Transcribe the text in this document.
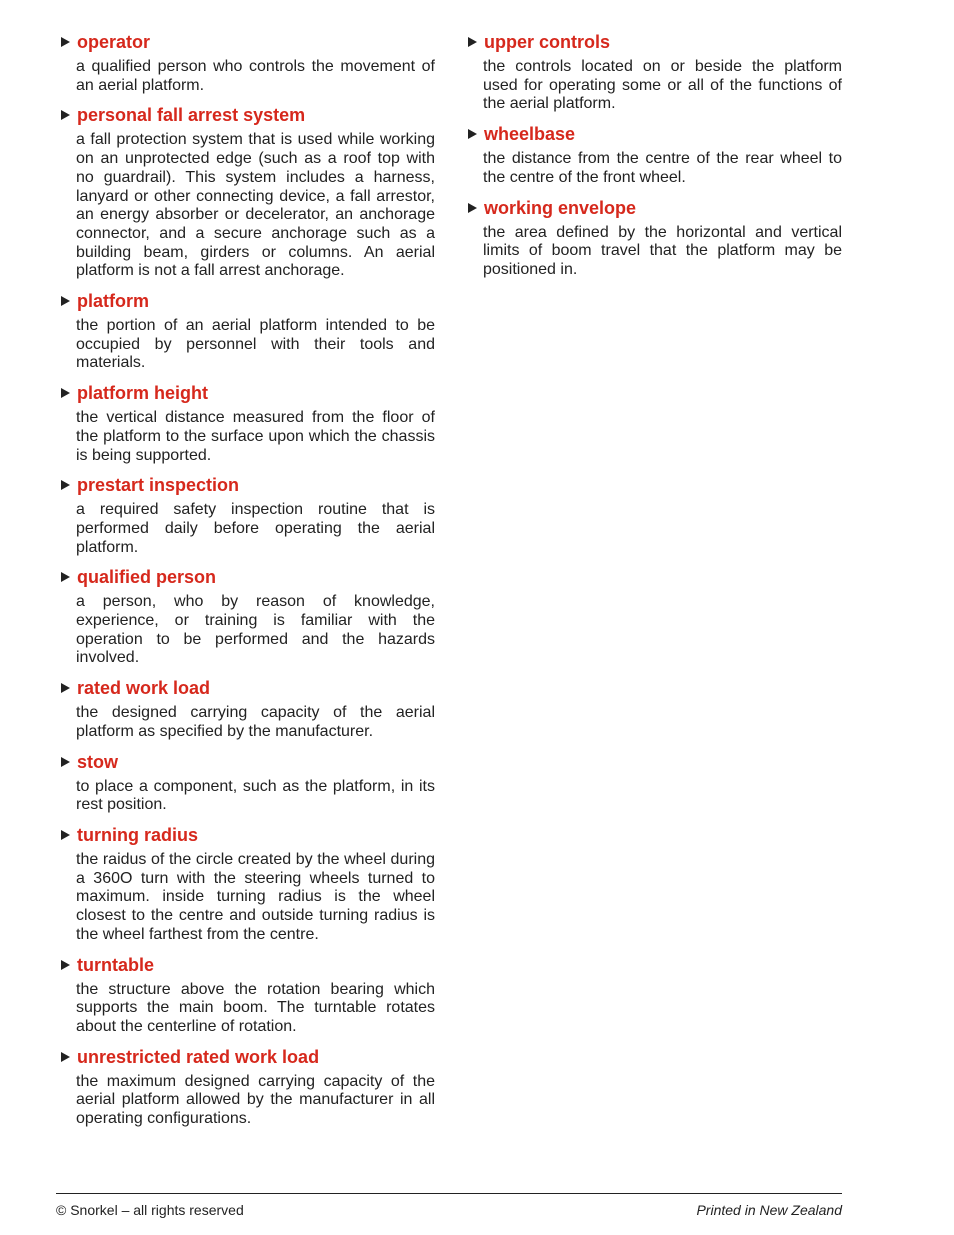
operator
a qualified person who controls the movement of an aerial platform.
personal fall arrest system
a fall protection system that is used while working on an unprotected edge (such as a roof top with no guardrail). This system includes a harness, lanyard or other connecting device, a fall arrestor, an energy absorber or decelerator, an anchorage connector, and a secure anchorage such as a building beam, girders or columns. An aerial platform is not a fall arrest anchorage.
platform
the portion of an aerial platform intended to be occupied by personnel with their tools and materials.
platform height
the vertical distance measured from the floor of the platform to the surface upon which the chassis is being supported.
prestart inspection
a required safety inspection routine that is performed daily before operating the aerial platform.
qualified person
a person, who by reason of knowledge, experience, or training is familiar with the operation to be performed and the hazards involved.
rated work load
the designed carrying capacity of the aerial platform as specified by the manufacturer.
stow
to place a component, such as the platform, in its rest position.
turning radius
the raidus of the circle created by the wheel during a 360O turn with the steering wheels turned to maximum. inside turning radius is the wheel closest to the centre and outside turning radius is the wheel farthest from the centre.
turntable
the structure above the rotation bearing which supports the main boom. The turntable rotates about the centerline of rotation.
unrestricted rated work load
the maximum designed carrying capacity of the aerial platform allowed by the manufacturer in all operating configurations.
upper controls
the controls located on or beside the platform used for operating some or all of the functions of the aerial platform.
wheelbase
the distance from the centre of the rear wheel to the centre of the front wheel.
working envelope
the area defined by the horizontal and vertical limits of boom travel that the platform may be positioned in.
© Snorkel – all rights reserved	Printed in New Zealand
